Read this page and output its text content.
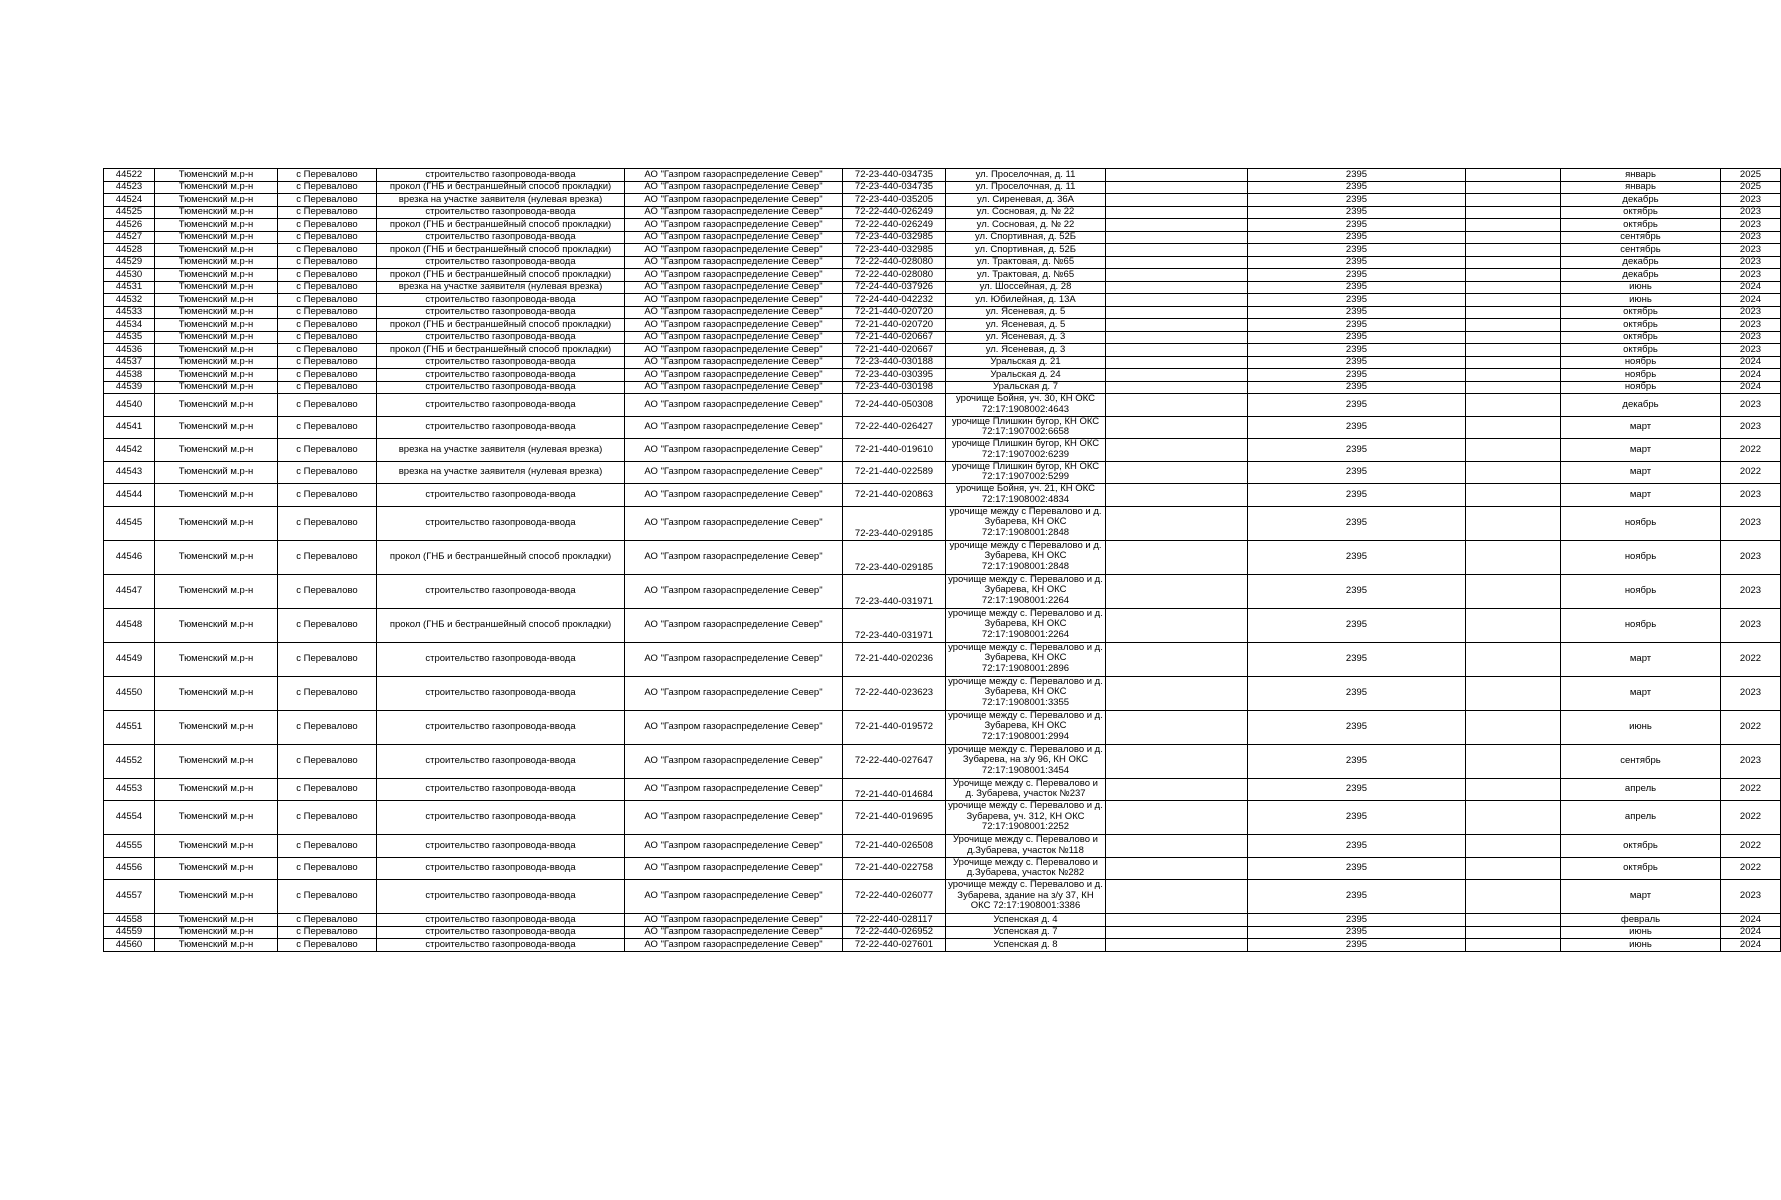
44522	Тюменский м.р-н	с Перевалово	строительство газопровода-ввода	АО "Газпром газораспределение Север"	72-23-440-034735	ул. Проселочная, д. 11		2395		январь	2025
44523	Тюменский м.р-н	с Перевалово	прокол (ГНБ и бестраншейный способ прокладки)	АО "Газпром газораспределение Север"	72-23-440-034735	ул. Проселочная, д. 11		2395		январь	2025
44524	Тюменский м.р-н	с Перевалово	врезка на участке заявителя (нулевая врезка)	АО "Газпром газораспределение Север"	72-23-440-035205	ул. Сиреневая, д. 36А		2395		декабрь	2023
44525	Тюменский м.р-н	с Перевалово	строительство газопровода-ввода	АО "Газпром газораспределение Север"	72-22-440-026249	ул. Сосновая, д. № 22		2395		октябрь	2023
44526	Тюменский м.р-н	с Перевалово	прокол (ГНБ и бестраншейный способ прокладки)	АО "Газпром газораспределение Север"	72-22-440-026249	ул. Сосновая, д. № 22		2395		октябрь	2023
44527	Тюменский м.р-н	с Перевалово	строительство газопровода-ввода	АО "Газпром газораспределение Север"	72-23-440-032985	ул. Спортивная, д. 52Б		2395		сентябрь	2023
44528	Тюменский м.р-н	с Перевалово	прокол (ГНБ и бестраншейный способ прокладки)	АО "Газпром газораспределение Север"	72-23-440-032985	ул. Спортивная, д. 52Б		2395		сентябрь	2023
44529	Тюменский м.р-н	с Перевалово	строительство газопровода-ввода	АО "Газпром газораспределение Север"	72-22-440-028080	ул. Трактовая, д. №65		2395		декабрь	2023
44530	Тюменский м.р-н	с Перевалово	прокол (ГНБ и бестраншейный способ прокладки)	АО "Газпром газораспределение Север"	72-22-440-028080	ул. Трактовая, д. №65		2395		декабрь	2023
44531	Тюменский м.р-н	с Перевалово	врезка на участке заявителя (нулевая врезка)	АО "Газпром газораспределение Север"	72-24-440-037926	ул. Шоссейная, д. 28		2395		июнь	2024
44532	Тюменский м.р-н	с Перевалово	строительство газопровода-ввода	АО "Газпром газораспределение Север"	72-24-440-042232	ул. Юбилейная, д. 13А		2395		июнь	2024
44533	Тюменский м.р-н	с Перевалово	строительство газопровода-ввода	АО "Газпром газораспределение Север"	72-21-440-020720	ул. Ясеневая, д. 5		2395		октябрь	2023
44534	Тюменский м.р-н	с Перевалово	прокол (ГНБ и бестраншейный способ прокладки)	АО "Газпром газораспределение Север"	72-21-440-020720	ул. Ясеневая, д. 5		2395		октябрь	2023
44535	Тюменский м.р-н	с Перевалово	строительство газопровода-ввода	АО "Газпром газораспределение Север"	72-21-440-020667	ул. Ясеневая, д. 3		2395		октябрь	2023
44536	Тюменский м.р-н	с Перевалово	прокол (ГНБ и бестраншейный способ прокладки)	АО "Газпром газораспределение Север"	72-21-440-020667	ул. Ясеневая, д. 3		2395		октябрь	2023
44537	Тюменский м.р-н	с Перевалово	строительство газопровода-ввода	АО "Газпром газораспределение Север"	72-23-440-030188	Уральская д. 21		2395		ноябрь	2024
44538	Тюменский м.р-н	с Перевалово	строительство газопровода-ввода	АО "Газпром газораспределение Север"	72-23-440-030395	Уральская д. 24		2395		ноябрь	2024
44539	Тюменский м.р-н	с Перевалово	строительство газопровода-ввода	АО "Газпром газораспределение Север"	72-23-440-030198	Уральская д. 7		2395		ноябрь	2024
44540	Тюменский м.р-н	с Перевалово	строительство газопровода-ввода	АО "Газпром газораспределение Север"	72-24-440-050308	урочище Бойня, уч. 30, КН ОКС 72:17:1908002:4643		2395		декабрь	2023
44541	Тюменский м.р-н	с Перевалово	строительство газопровода-ввода	АО "Газпром газораспределение Север"	72-22-440-026427	урочище Плишкин бугор, КН ОКС 72:17:1907002:6658		2395		март	2023
44542	Тюменский м.р-н	с Перевалово	врезка на участке заявителя (нулевая врезка)	АО "Газпром газораспределение Север"	72-21-440-019610	урочище Плишкин бугор, КН ОКС 72:17:1907002:6239		2395		март	2022
44543	Тюменский м.р-н	с Перевалово	врезка на участке заявителя (нулевая врезка)	АО "Газпром газораспределение Север"	72-21-440-022589	урочище Плишкин бугор, КН ОКС 72:17:1907002:5299		2395		март	2022
44544	Тюменский м.р-н	с Перевалово	строительство газопровода-ввода	АО "Газпром газораспределение Север"	72-21-440-020863	урочище Бойня, уч. 21, КН ОКС 72:17:1908002:4834		2395		март	2023
44545	Тюменский м.р-н	с Перевалово	строительство газопровода-ввода	АО "Газпром газораспределение Север"	72-23-440-029185	урочище между с Перевалово и д. Зубарева, КН ОКС 72:17:1908001:2848		2395		ноябрь	2023
44546	Тюменский м.р-н	с Перевалово	прокол (ГНБ и бестраншейный способ прокладки)	АО "Газпром газораспределение Север"	72-23-440-029185	урочище между с Перевалово и д. Зубарева, КН ОКС 72:17:1908001:2848		2395		ноябрь	2023
44547	Тюменский м.р-н	с Перевалово	строительство газопровода-ввода	АО "Газпром газораспределение Север"	72-23-440-031971	урочище между с. Перевалово и д. Зубарева, КН ОКС 72:17:1908001:2264		2395		ноябрь	2023
44548	Тюменский м.р-н	с Перевалово	прокол (ГНБ и бестраншейный способ прокладки)	АО "Газпром газораспределение Север"	72-23-440-031971	урочище между с. Перевалово и д. Зубарева, КН ОКС 72:17:1908001:2264		2395		ноябрь	2023
44549	Тюменский м.р-н	с Перевалово	строительство газопровода-ввода	АО "Газпром газораспределение Север"	72-21-440-020236	урочище между с. Перевалово и д. Зубарева, КН ОКС 72:17:1908001:2896		2395		март	2022
44550	Тюменский м.р-н	с Перевалово	строительство газопровода-ввода	АО "Газпром газораспределение Север"	72-22-440-023623	урочище между с. Перевалово и д. Зубарева, КН ОКС 72:17:1908001:3355		2395		март	2023
44551	Тюменский м.р-н	с Перевалово	строительство газопровода-ввода	АО "Газпром газораспределение Север"	72-21-440-019572	урочище между с. Перевалово и д. Зубарева, КН ОКС 72:17:1908001:2994		2395		июнь	2022
44552	Тюменский м.р-н	с Перевалово	строительство газопровода-ввода	АО "Газпром газораспределение Север"	72-22-440-027647	урочище между с. Перевалово и д. Зубарева, на з/у 96, КН ОКС 72:17:1908001:3454		2395		сентябрь	2023
44553	Тюменский м.р-н	с Перевалово	строительство газопровода-ввода	АО "Газпром газораспределение Север"	72-21-440-014684	Урочище между с. Перевалово и д. Зубарева, участок №237		2395		апрель	2022
44554	Тюменский м.р-н	с Перевалово	строительство газопровода-ввода	АО "Газпром газораспределение Север"	72-21-440-019695	урочище между с. Перевалово и д. Зубарева, уч. 312, КН ОКС 72:17:1908001:2252		2395		апрель	2022
44555	Тюменский м.р-н	с Перевалово	строительство газопровода-ввода	АО "Газпром газораспределение Север"	72-21-440-026508	Урочище между с. Перевалово и д.Зубарева, участок №118		2395		октябрь	2022
44556	Тюменский м.р-н	с Перевалово	строительство газопровода-ввода	АО "Газпром газораспределение Север"	72-21-440-022758	Урочище между с. Перевалово и д.Зубарева, участок №282		2395		октябрь	2022
44557	Тюменский м.р-н	с Перевалово	строительство газопровода-ввода	АО "Газпром газораспределение Север"	72-22-440-026077	урочище между с. Перевалово и д. Зубарева, здание на з/у 37, КН ОКС 72:17:1908001:3386		2395		март	2023
44558	Тюменский м.р-н	с Перевалово	строительство газопровода-ввода	АО "Газпром газораспределение Север"	72-22-440-028117	Успенская д. 4		2395		февраль	2024
44559	Тюменский м.р-н	с Перевалово	строительство газопровода-ввода	АО "Газпром газораспределение Север"	72-22-440-026952	Успенская д. 7		2395		июнь	2024
44560	Тюменский м.р-н	с Перевалово	строительство газопровода-ввода	АО "Газпром газораспределение Север"	72-22-440-027601	Успенская д. 8		2395		июнь	2024
